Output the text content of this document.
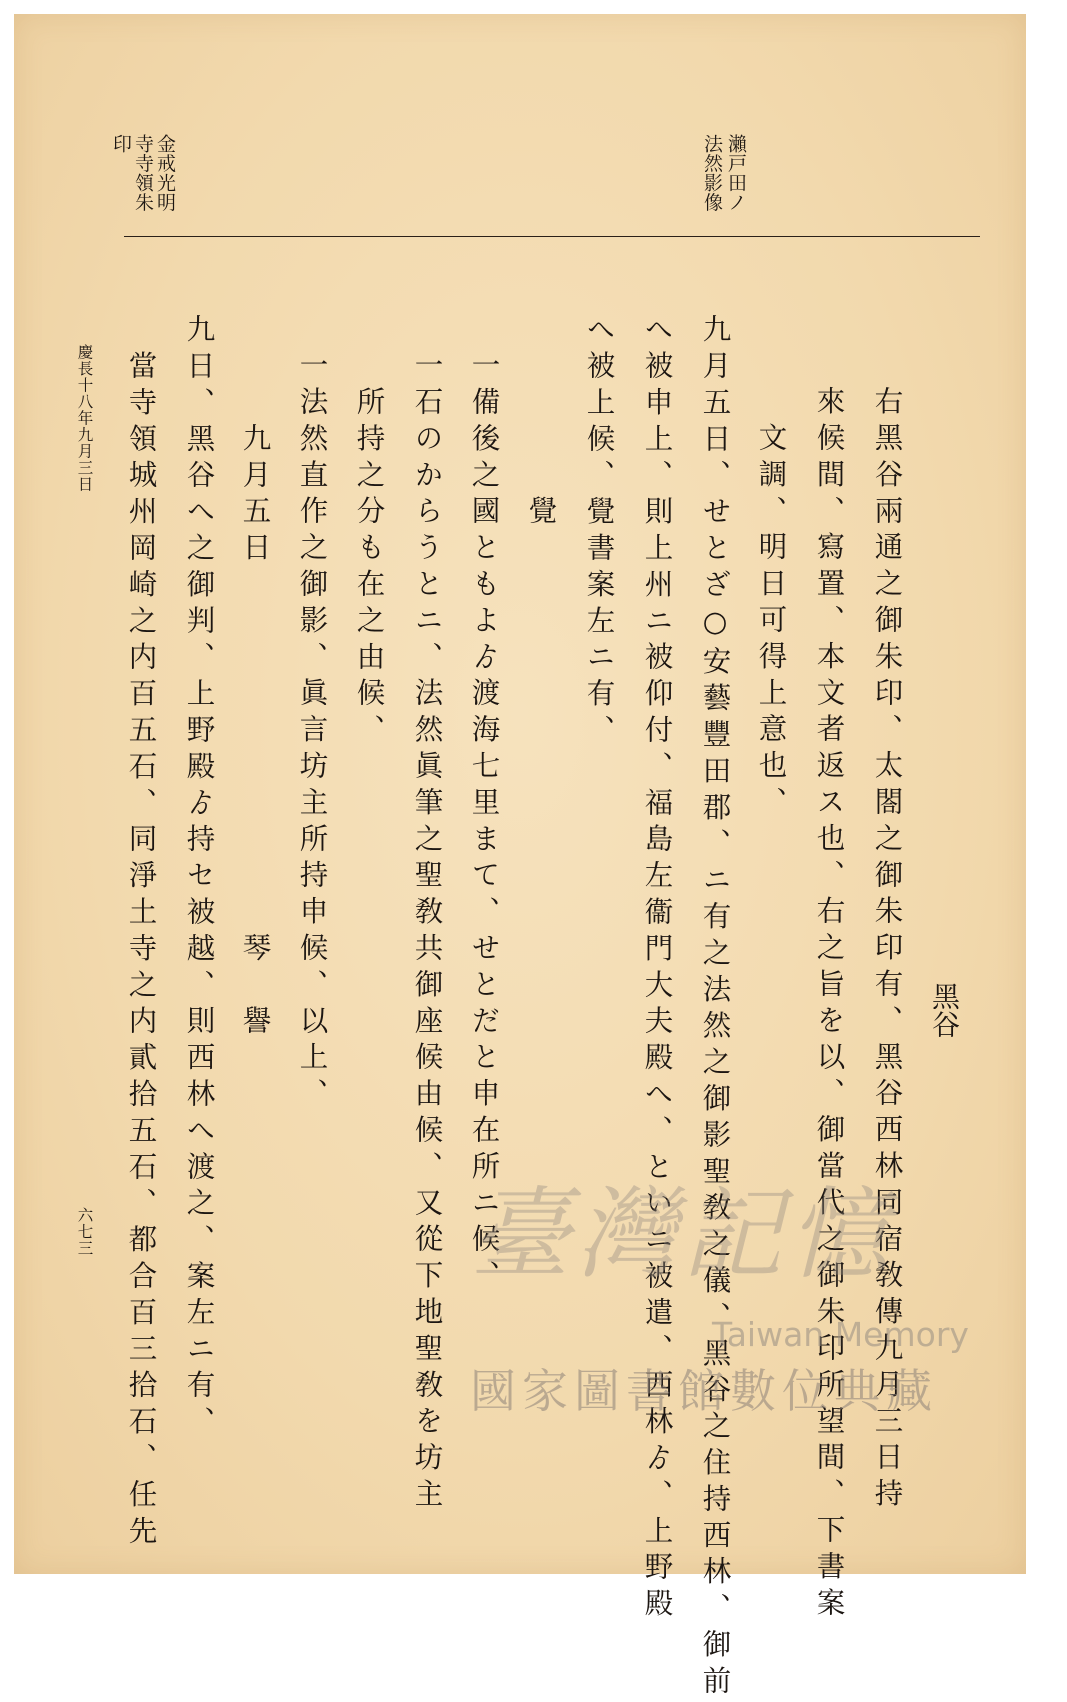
瀨戸田ノ

法然影像

金戒光明

寺寺領朱

印

黑谷

右黑谷兩通之御朱印、太閤之御朱印有、黑谷西林同宿敎傳九月三日持

來候間、寫置、本文者返ス也、右之旨を以、御當代之御朱印所望間、下書案

　文調、明日可得上意也、

九月五日、せとざ○安藝豐田郡、ニ有之法然之御影聖敎之儀、黑谷之住持西林、御前

へ被申上、則上州ニ被仰付、福島左衞門大夫殿へ、といニ被遣、西林ゟ、上野殿

へ被上候、覺書案左ニ有、

　　　覺

一備後之國ともよゟ渡海七里まて、せとだと申在所ニ候、

一石のからうとニ、法然眞筆之聖敎共御座候由候、又從下地聖敎を坊主

　所持之分も在之由候、

一法然直作之御影、眞言坊主所持申候、以上、

　　九月五日　　　　　　　　　　琴　譽

九日、黑谷へ之御判、上野殿ゟ持セ被越、則西林へ渡之、案左ニ有、

　當寺領城州岡崎之内百五石、同淨土寺之内貳拾五石、都合百三拾石、任先

慶長十八年九月三日

六七三	臺灣記憶
Taiwan Memory
國家圖書館數位典藏
